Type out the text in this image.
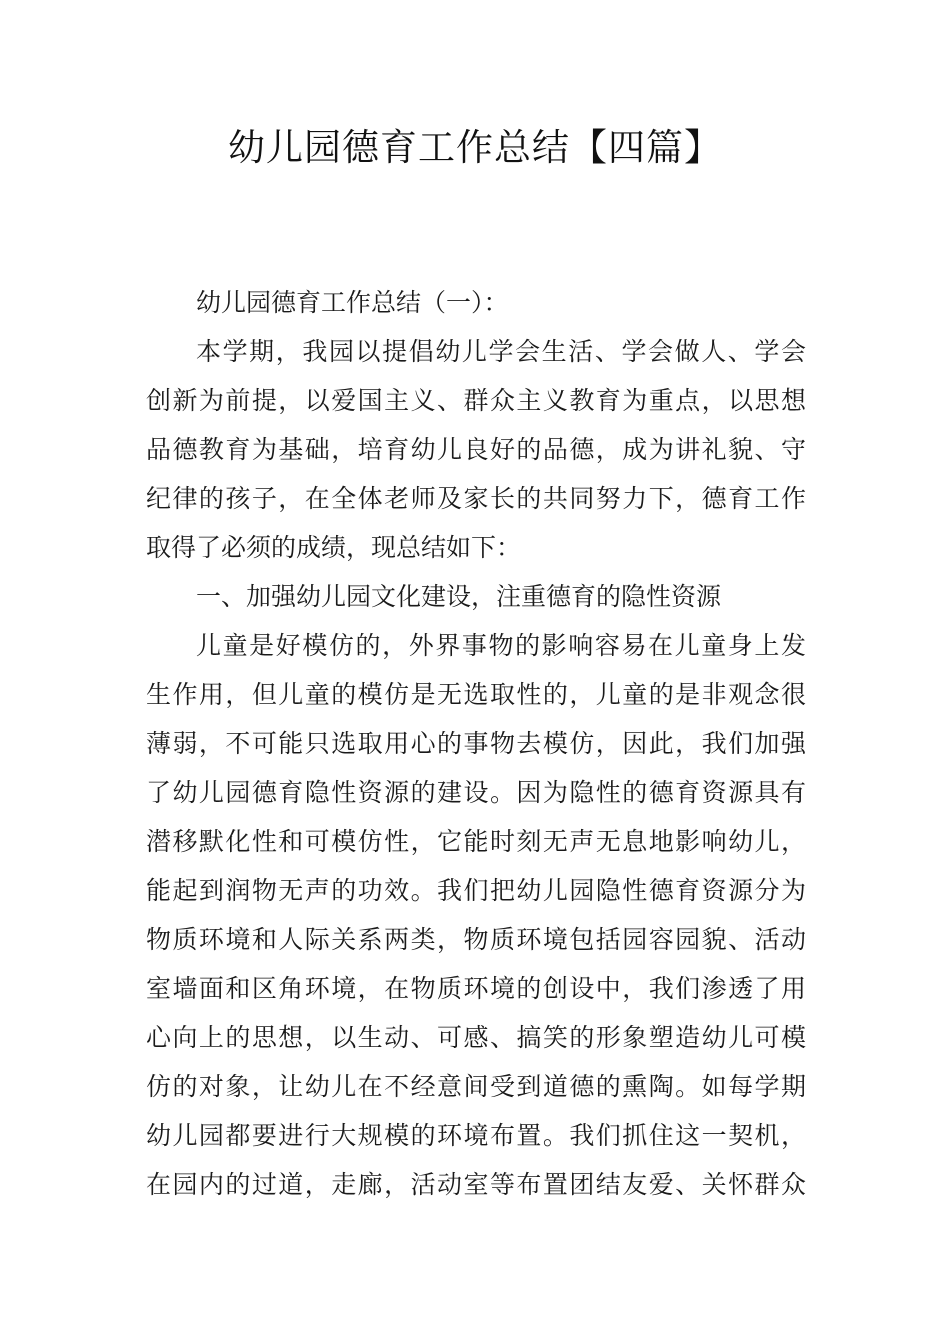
幼儿园德育工作总结【四篇】
幼儿园德育工作总结（一）：
本学期，我园以提倡幼儿学会生活、学会做人、学会
创新为前提，以爱国主义、群众主义教育为重点，以思想
品德教育为基础，培育幼儿良好的品德，成为讲礼貌、守
纪律的孩子，在全体老师及家长的共同努力下，德育工作
取得了必须的成绩，现总结如下：
一、加强幼儿园文化建设，注重德育的隐性资源
儿童是好模仿的，外界事物的影响容易在儿童身上发
生作用，但儿童的模仿是无选取性的，儿童的是非观念很
薄弱，不可能只选取用心的事物去模仿，因此，我们加强
了幼儿园德育隐性资源的建设。因为隐性的德育资源具有
潜移默化性和可模仿性，它能时刻无声无息地影响幼儿，
能起到润物无声的功效。我们把幼儿园隐性德育资源分为
物质环境和人际关系两类，物质环境包括园容园貌、活动
室墙面和区角环境，在物质环境的创设中，我们渗透了用
心向上的思想，以生动、可感、搞笑的形象塑造幼儿可模
仿的对象，让幼儿在不经意间受到道德的熏陶。如每学期
幼儿园都要进行大规模的环境布置。我们抓住这一契机，
在园内的过道，走廊，活动室等布置团结友爱、关怀群众
